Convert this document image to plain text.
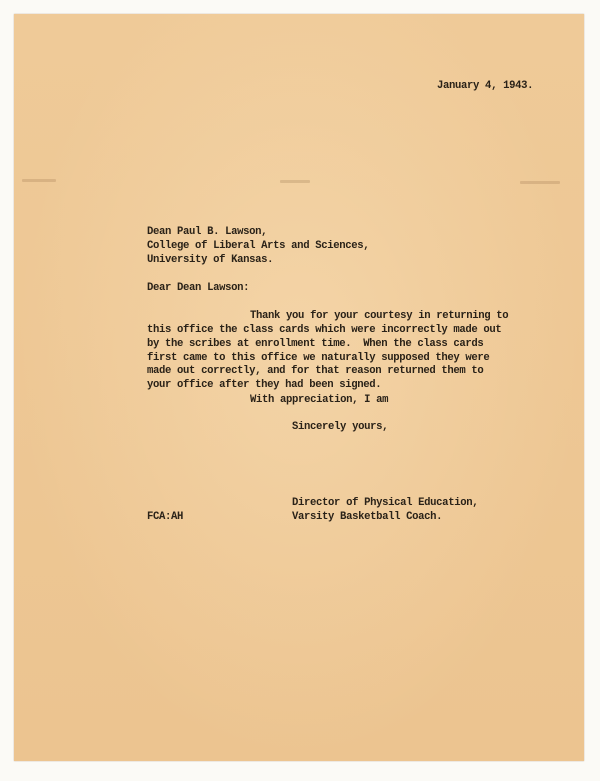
January 4, 1943.
Dean Paul B. Lawson,
College of Liberal Arts and Sciences,
University of Kansas.
Dear Dean Lawson:
Thank you for your courtesy in returning to
this office the class cards which were incorrectly made out
by the scribes at enrollment time.  When the class cards
first came to this office we naturally supposed they were
made out correctly, and for that reason returned them to
your office after they had been signed.
With appreciation, I am
Sincerely yours,
Director of Physical Education,
Varsity Basketball Coach.
FCA:AH
